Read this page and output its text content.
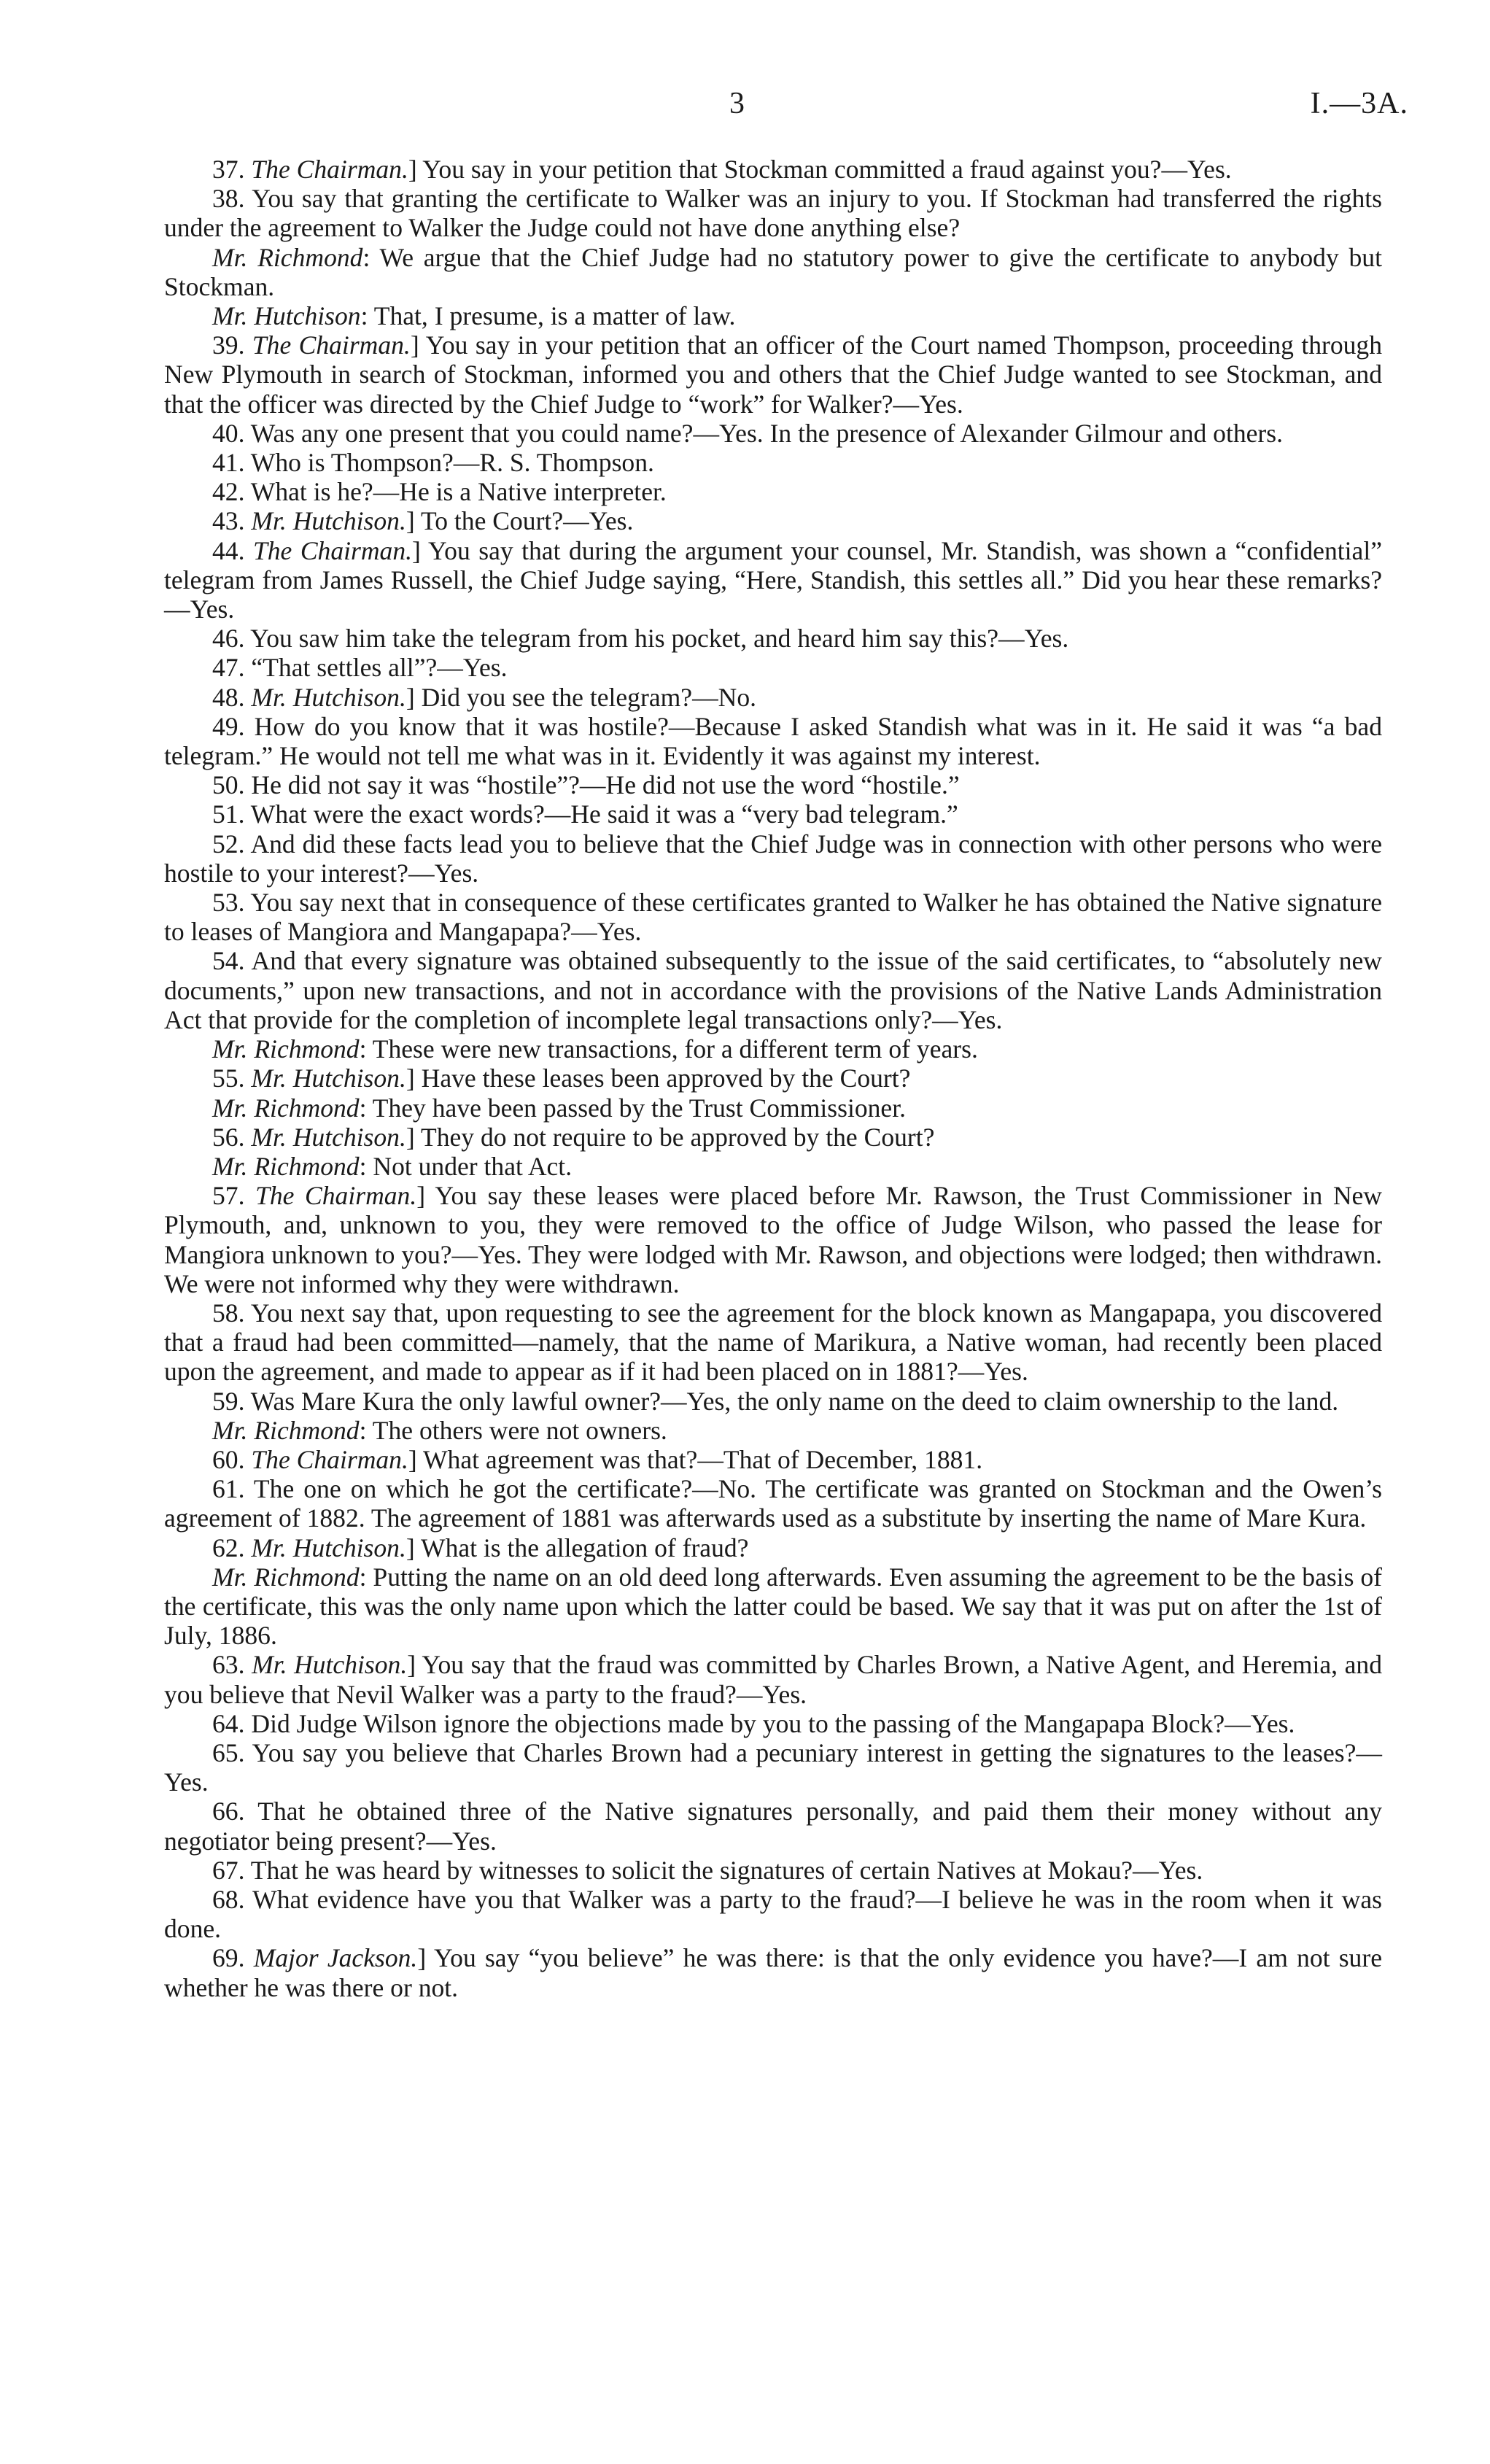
3	I.—3A.

37. The Chairman.] You say in your petition that Stockman committed a fraud against you?—Yes.

38. You say that granting the certificate to Walker was an injury to you. If Stockman had transferred the rights under the agreement to Walker the Judge could not have done anything else?

Mr. Richmond: We argue that the Chief Judge had no statutory power to give the certificate to anybody but Stockman.

Mr. Hutchison: That, I presume, is a matter of law.

39. The Chairman.] You say in your petition that an officer of the Court named Thompson, proceeding through New Plymouth in search of Stockman, informed you and others that the Chief Judge wanted to see Stockman, and that the officer was directed by the Chief Judge to “work” for Walker?—Yes.

40. Was any one present that you could name?—Yes. In the presence of Alexander Gilmour and others.

41. Who is Thompson?—R. S. Thompson.

42. What is he?—He is a Native interpreter.

43. Mr. Hutchison.] To the Court?—Yes.

44. The Chairman.] You say that during the argument your counsel, Mr. Standish, was shown a “confidential” telegram from James Russell, the Chief Judge saying, “Here, Standish, this settles all.” Did you hear these remarks?—Yes.

46. You saw him take the telegram from his pocket, and heard him say this?—Yes.

47. “That settles all”?—Yes.

48. Mr. Hutchison.] Did you see the telegram?—No.

49. How do you know that it was hostile?—Because I asked Standish what was in it. He said it was “a bad telegram.” He would not tell me what was in it. Evidently it was against my interest.

50. He did not say it was “hostile”?—He did not use the word “hostile.”

51. What were the exact words?—He said it was a “very bad telegram.”

52. And did these facts lead you to believe that the Chief Judge was in connection with other persons who were hostile to your interest?—Yes.

53. You say next that in consequence of these certificates granted to Walker he has obtained the Native signature to leases of Mangiora and Mangapapa?—Yes.

54. And that every signature was obtained subsequently to the issue of the said certificates, to “absolutely new documents,” upon new transactions, and not in accordance with the provisions of the Native Lands Administration Act that provide for the completion of incomplete legal transactions only?—Yes.

Mr. Richmond: These were new transactions, for a different term of years.

55. Mr. Hutchison.] Have these leases been approved by the Court?

Mr. Richmond: They have been passed by the Trust Commissioner.

56. Mr. Hutchison.] They do not require to be approved by the Court?

Mr. Richmond: Not under that Act.

57. The Chairman.] You say these leases were placed before Mr. Rawson, the Trust Commissioner in New Plymouth, and, unknown to you, they were removed to the office of Judge Wilson, who passed the lease for Mangiora unknown to you?—Yes. They were lodged with Mr. Rawson, and objections were lodged; then withdrawn. We were not informed why they were withdrawn.

58. You next say that, upon requesting to see the agreement for the block known as Mangapapa, you discovered that a fraud had been committed—namely, that the name of Marikura, a Native woman, had recently been placed upon the agreement, and made to appear as if it had been placed on in 1881?—Yes.

59. Was Mare Kura the only lawful owner?—Yes, the only name on the deed to claim ownership to the land.

Mr. Richmond: The others were not owners.

60. The Chairman.] What agreement was that?—That of December, 1881.

61. The one on which he got the certificate?—No. The certificate was granted on Stockman and the Owen’s agreement of 1882. The agreement of 1881 was afterwards used as a substitute by inserting the name of Mare Kura.

62. Mr. Hutchison.] What is the allegation of fraud?

Mr. Richmond: Putting the name on an old deed long afterwards. Even assuming the agreement to be the basis of the certificate, this was the only name upon which the latter could be based. We say that it was put on after the 1st of July, 1886.

63. Mr. Hutchison.] You say that the fraud was committed by Charles Brown, a Native Agent, and Heremia, and you believe that Nevil Walker was a party to the fraud?—Yes.

64. Did Judge Wilson ignore the objections made by you to the passing of the Mangapapa Block?—Yes.

65. You say you believe that Charles Brown had a pecuniary interest in getting the signatures to the leases?—Yes.

66. That he obtained three of the Native signatures personally, and paid them their money without any negotiator being present?—Yes.

67. That he was heard by witnesses to solicit the signatures of certain Natives at Mokau?—Yes.

68. What evidence have you that Walker was a party to the fraud?—I believe he was in the room when it was done.

69. Major Jackson.] You say “you believe” he was there: is that the only evidence you have?—I am not sure whether he was there or not.
